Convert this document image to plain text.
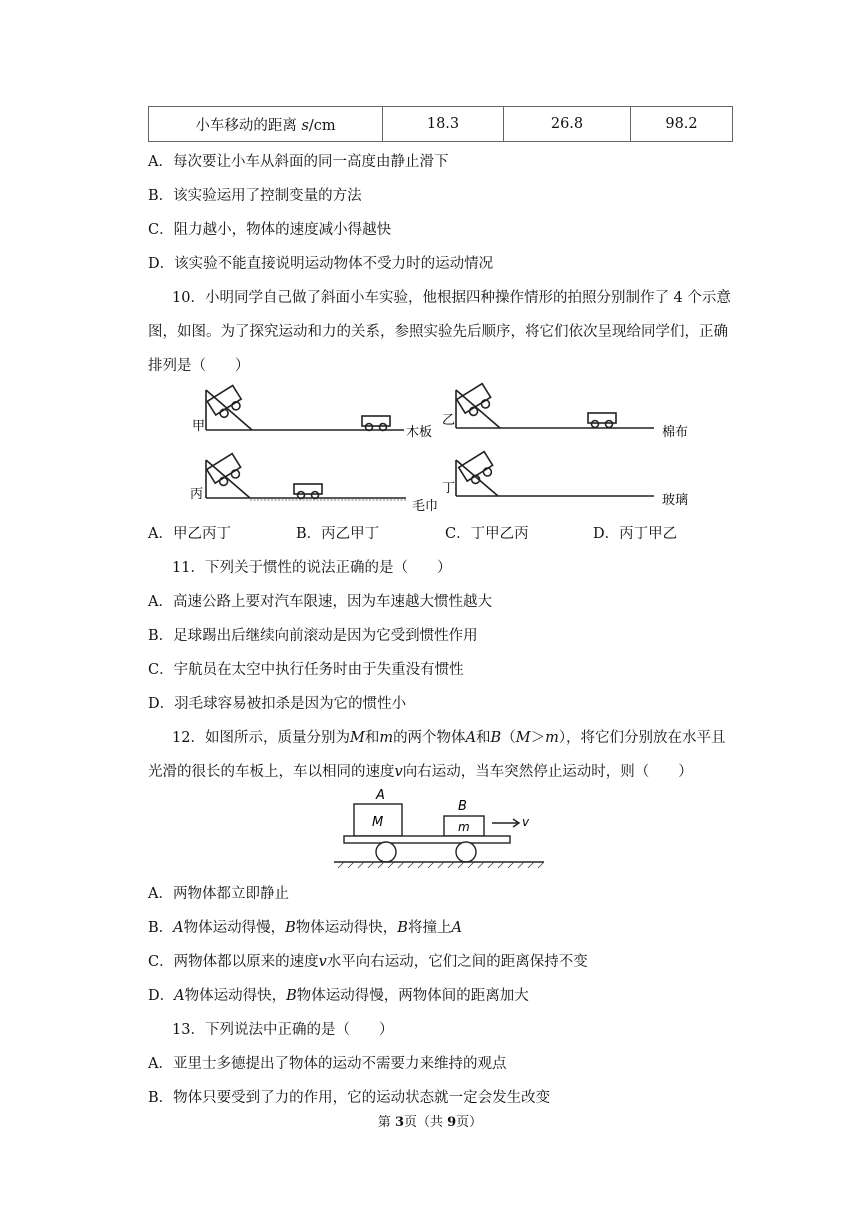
小车移动的距离 s/cm	18.3	26.8	98.2
A．每次要让小车从斜面的同一高度由静止滑下
B．该实验运用了控制变量的方法
C．阻力越小，物体的速度减小得越快
D．该实验不能直接说明运动物体不受力时的运动情况
10．小明同学自己做了斜面小车实验，他根据四种操作情形的拍照分别制作了 4 个示意
图，如图。为了探究运动和力的关系，参照实验先后顺序，将它们依次呈现给同学们，正确
排列是（　　）
甲	木板
乙
棉布
丙
毛巾
丁
玻璃
A．甲乙丙丁	B．丙乙甲丁	C．丁甲乙丙	D．丙丁甲乙
11．下列关于惯性的说法正确的是（　　）
A．高速公路上要对汽车限速，因为车速越大惯性越大
B．足球踢出后继续向前滚动是因为它受到惯性作用
C．宇航员在太空中执行任务时由于失重没有惯性
D．羽毛球容易被扣杀是因为它的惯性小
12．如图所示，质量分别为M和m的两个物体A和B（M＞m），将它们分别放在水平且
光滑的很长的车板上，车以相同的速度v向右运动，当车突然停止运动时，则（　　）
A
M
B
m	v
A．两物体都立即静止
B．A物体运动得慢，B物体运动得快，B将撞上A
C．两物体都以原来的速度v水平向右运动，它们之间的距离保持不变
D．A物体运动得快，B物体运动得慢，两物体间的距离加大
13．下列说法中正确的是（　　）
A．亚里士多德提出了物体的运动不需要力来维持的观点
B．物体只要受到了力的作用，它的运动状态就一定会发生改变
第 3页（共 9页）
